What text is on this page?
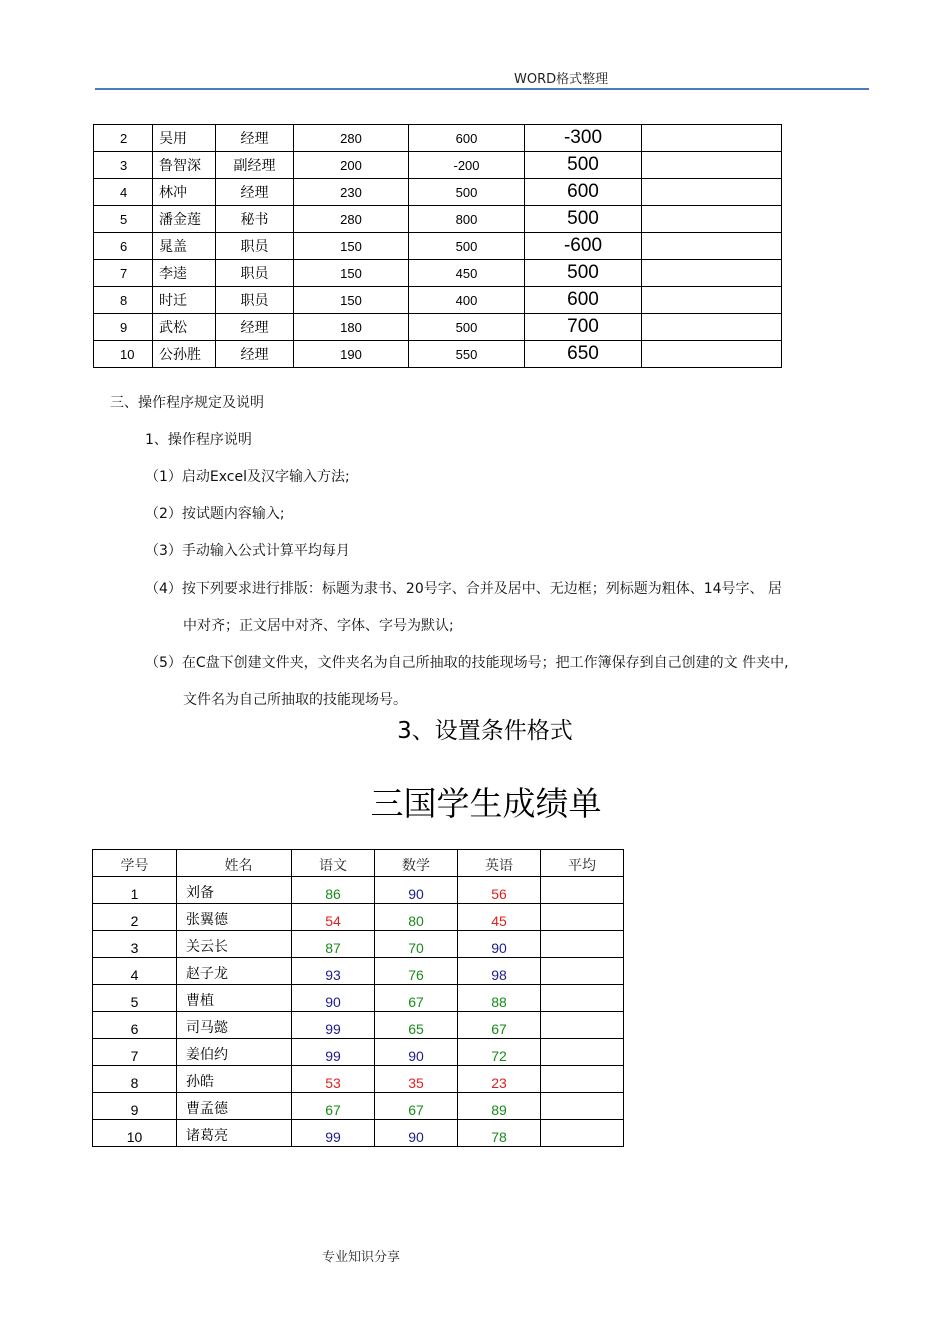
WORD格式整理
2	吴用	经理	280	600	-300	
3	鲁智深	副经理	200	-200	500	
4	林冲	经理	230	500	600	
5	潘金莲	秘书	280	800	500	
6	晁盖	职员	150	500	-600	
7	李逵	职员	150	450	500	
8	时迁	职员	150	400	600	
9	武松	经理	180	500	700	
10	公孙胜	经理	190	550	650	
三、操作程序规定及说明
1、操作程序说明
（1）启动Excel及汉字输入方法;
（2）按试题内容输入;
（3）手动输入公式计算平均每月
（4）按下列要求进行排版：标题为隶书、20号字、合并及居中、无边框；列标题为粗体、14号字、 居
中对齐；正文居中对齐、字体、字号为默认;
（5）在C盘下创建文件夹，文件夹名为自己所抽取的技能现场号；把工作簿保存到自己创建的文 件夹中,
文件名为自己所抽取的技能现场号。
3、设置条件格式
三国学生成绩单
学号	姓名	语文	数学	英语	平均
1	刘备	86	90	56	
2	张翼德	54	80	45	
3	关云长	87	70	90	
4	赵子龙	93	76	98	
5	曹植	90	67	88	
6	司马懿	99	65	67	
7	姜伯约	99	90	72	
8	孙皓	53	35	23	
9	曹孟德	67	67	89	
10	诸葛亮	99	90	78	
专业知识分享
